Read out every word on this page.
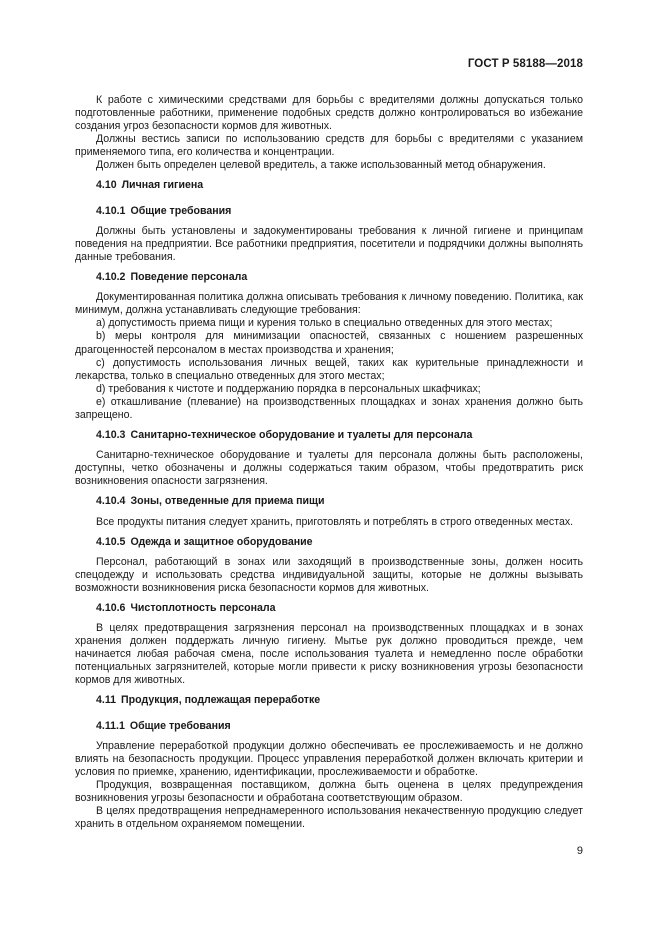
ГОСТ Р 58188—2018

К работе с химическими средствами для борьбы с вредителями должны допускаться только подготовленные работники, применение подобных средств должно контролироваться во избежание создания угроз безопасности кормов для животных.

Должны вестись записи по использованию средств для борьбы с вредителями с указанием применяемого типа, его количества и концентрации.

Должен быть определен целевой вредитель, а также использованный метод обнаружения.

4.10 Личная гигиена
4.10.1 Общие требования

Должны быть установлены и задокументированы требования к личной гигиене и принципам поведения на предприятии. Все работники предприятия, посетители и подрядчики должны выполнять данные требования.

4.10.2 Поведение персонала

Документированная политика должна описывать требования к личному поведению. Политика, как минимум, должна устанавливать следующие требования:

a) допустимость приема пищи и курения только в специально отведенных для этого местах;

b) меры контроля для минимизации опасностей, связанных с ношением разрешенных драгоценностей персоналом в местах производства и хранения;

c) допустимость использования личных вещей, таких как курительные принадлежности и лекарства, только в специально отведенных для этого местах;

d) требования к чистоте и поддержанию порядка в персональных шкафчиках;

e) откашливание (плевание) на производственных площадках и зонах хранения должно быть запрещено.

4.10.3 Санитарно-техническое оборудование и туалеты для персонала

Санитарно-техническое оборудование и туалеты для персонала должны быть расположены, доступны, четко обозначены и должны содержаться таким образом, чтобы предотвратить риск возникновения опасности загрязнения.

4.10.4 Зоны, отведенные для приема пищи

Все продукты питания следует хранить, приготовлять и потреблять в строго отведенных местах.

4.10.5 Одежда и защитное оборудование

Персонал, работающий в зонах или заходящий в производственные зоны, должен носить спецодежду и использовать средства индивидуальной защиты, которые не должны вызывать возможности возникновения риска безопасности кормов для животных.

4.10.6 Чистоплотность персонала

В целях предотвращения загрязнения персонал на производственных площадках и в зонах хранения должен поддержать личную гигиену. Мытье рук должно проводиться прежде, чем начинается любая рабочая смена, после использования туалета и немедленно после обработки потенциальных загрязнителей, которые могли привести к риску возникновения угрозы безопасности кормов для животных.

4.11 Продукция, подлежащая переработке
4.11.1 Общие требования

Управление переработкой продукции должно обеспечивать ее прослеживаемость и не должно влиять на безопасность продукции. Процесс управления переработкой должен включать критерии и условия по приемке, хранению, идентификации, прослеживаемости и обработке.

Продукция, возвращенная поставщиком, должна быть оценена в целях предупреждения возникновения угрозы безопасности и обработана соответствующим образом.

В целях предотвращения непреднамеренного использования некачественную продукцию следует хранить в отдельном охраняемом помещении.

9
